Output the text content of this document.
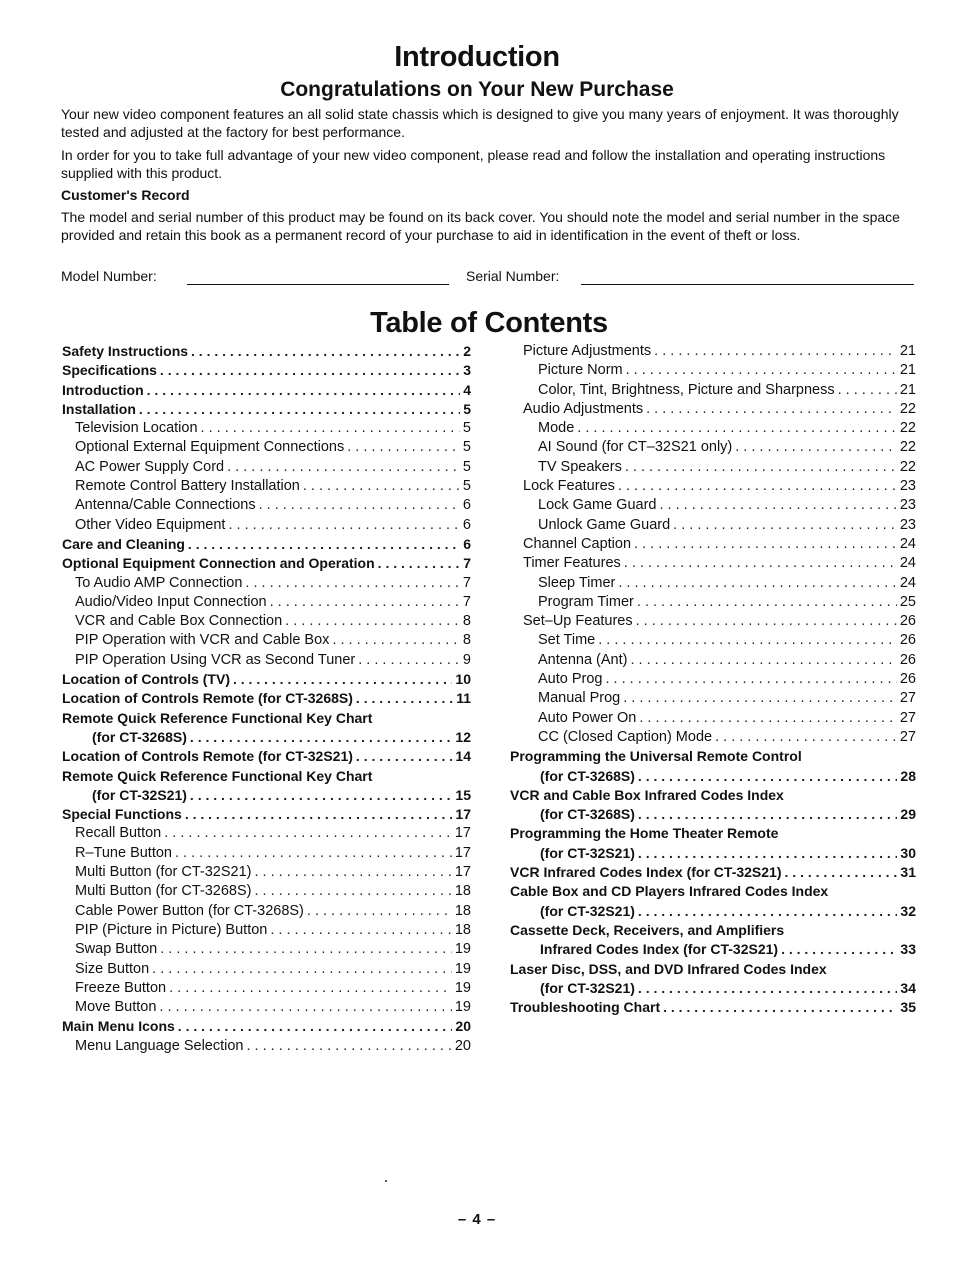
Introduction
Congratulations on Your New Purchase

Your new video component features an all solid state chassis which is designed to give you many years of enjoyment. It was thoroughly tested and adjusted at the factory for best performance.

In order for you to take full advantage of your new video component, please read and follow the installation and operating instructions supplied with this product.

Customer's Record

The model and serial number of this product may be found on its back cover. You should note the model and serial number in the space provided and retain this book as a permanent record of your purchase to aid in identification in the event of theft or loss.

Model Number:	Serial Number:
Table of Contents
Safety Instructions . . .	2
Specifications . . .	3
Introduction . . .	4
Installation . . .	5
Television Location . . .	5
Optional External Equipment Connections . . .	5
AC Power Supply Cord . . .	5
Remote Control Battery Installation . . .	5
Antenna/Cable Connections . . .	6
Other Video Equipment . . .	6
Care and Cleaning . . .	6
Optional Equipment Connection and Operation . . .	7
To Audio AMP Connection . . .	7
Audio/Video Input Connection . . .	7
VCR and Cable Box Connection . . .	8
PIP Operation with VCR and Cable Box . . .	8
PIP Operation Using VCR as Second Tuner . . .	9
Location of Controls (TV) . . .	10
Location of Controls Remote (for CT-3268S) . . .	11
Remote Quick Reference Functional Key Chart
(for CT-3268S) . . .	12
Location of Controls Remote (for CT-32S21) . . .	14
Remote Quick Reference Functional Key Chart
(for CT-32S21) . . .	15
Special Functions . . .	17
Recall Button . . .	17
R–Tune Button . . .	17
Multi Button (for CT-32S21) . . .	17
Multi Button (for CT-3268S) . . .	18
Cable Power Button (for CT-3268S) . . .	18
PIP (Picture in Picture) Button . . .	18
Swap Button . . .	19
Size Button . . .	19
Freeze Button . . .	19
Move Button . . .	19
Main Menu Icons . . .	20
Menu Language Selection . . .	20
Picture Adjustments . . .	21
Picture Norm . . .	21
Color, Tint, Brightness, Picture and Sharpness . . .	21
Audio Adjustments . . .	22
Mode . . .	22
AI Sound (for CT–32S21 only) . . .	22
TV Speakers . . .	22
Lock Features . . .	23
Lock Game Guard . . .	23
Unlock Game Guard . . .	23
Channel Caption . . .	24
Timer Features . . .	24
Sleep Timer . . .	24
Program Timer . . .	25
Set–Up Features . . .	26
Set Time . . .	26
Antenna (Ant) . . .	26
Auto Prog . . .	26
Manual Prog . . .	27
Auto Power On . . .	27
CC (Closed Caption) Mode . . .	27
Programming the Universal Remote Control
(for CT-3268S) . . .	28
VCR and Cable Box Infrared Codes Index
(for CT-3268S) . . .	29
Programming the Home Theater Remote
(for CT-32S21) . . .	30
VCR Infrared Codes Index (for CT-32S21) . . .	31
Cable Box and CD Players Infrared Codes Index
(for CT-32S21) . . .	32
Cassette Deck, Receivers, and Amplifiers
Infrared Codes Index (for CT-32S21) . . .	33
Laser Disc, DSS, and DVD Infrared Codes Index
(for CT-32S21) . . .	34
Troubleshooting Chart . . .	35
– 4 –
